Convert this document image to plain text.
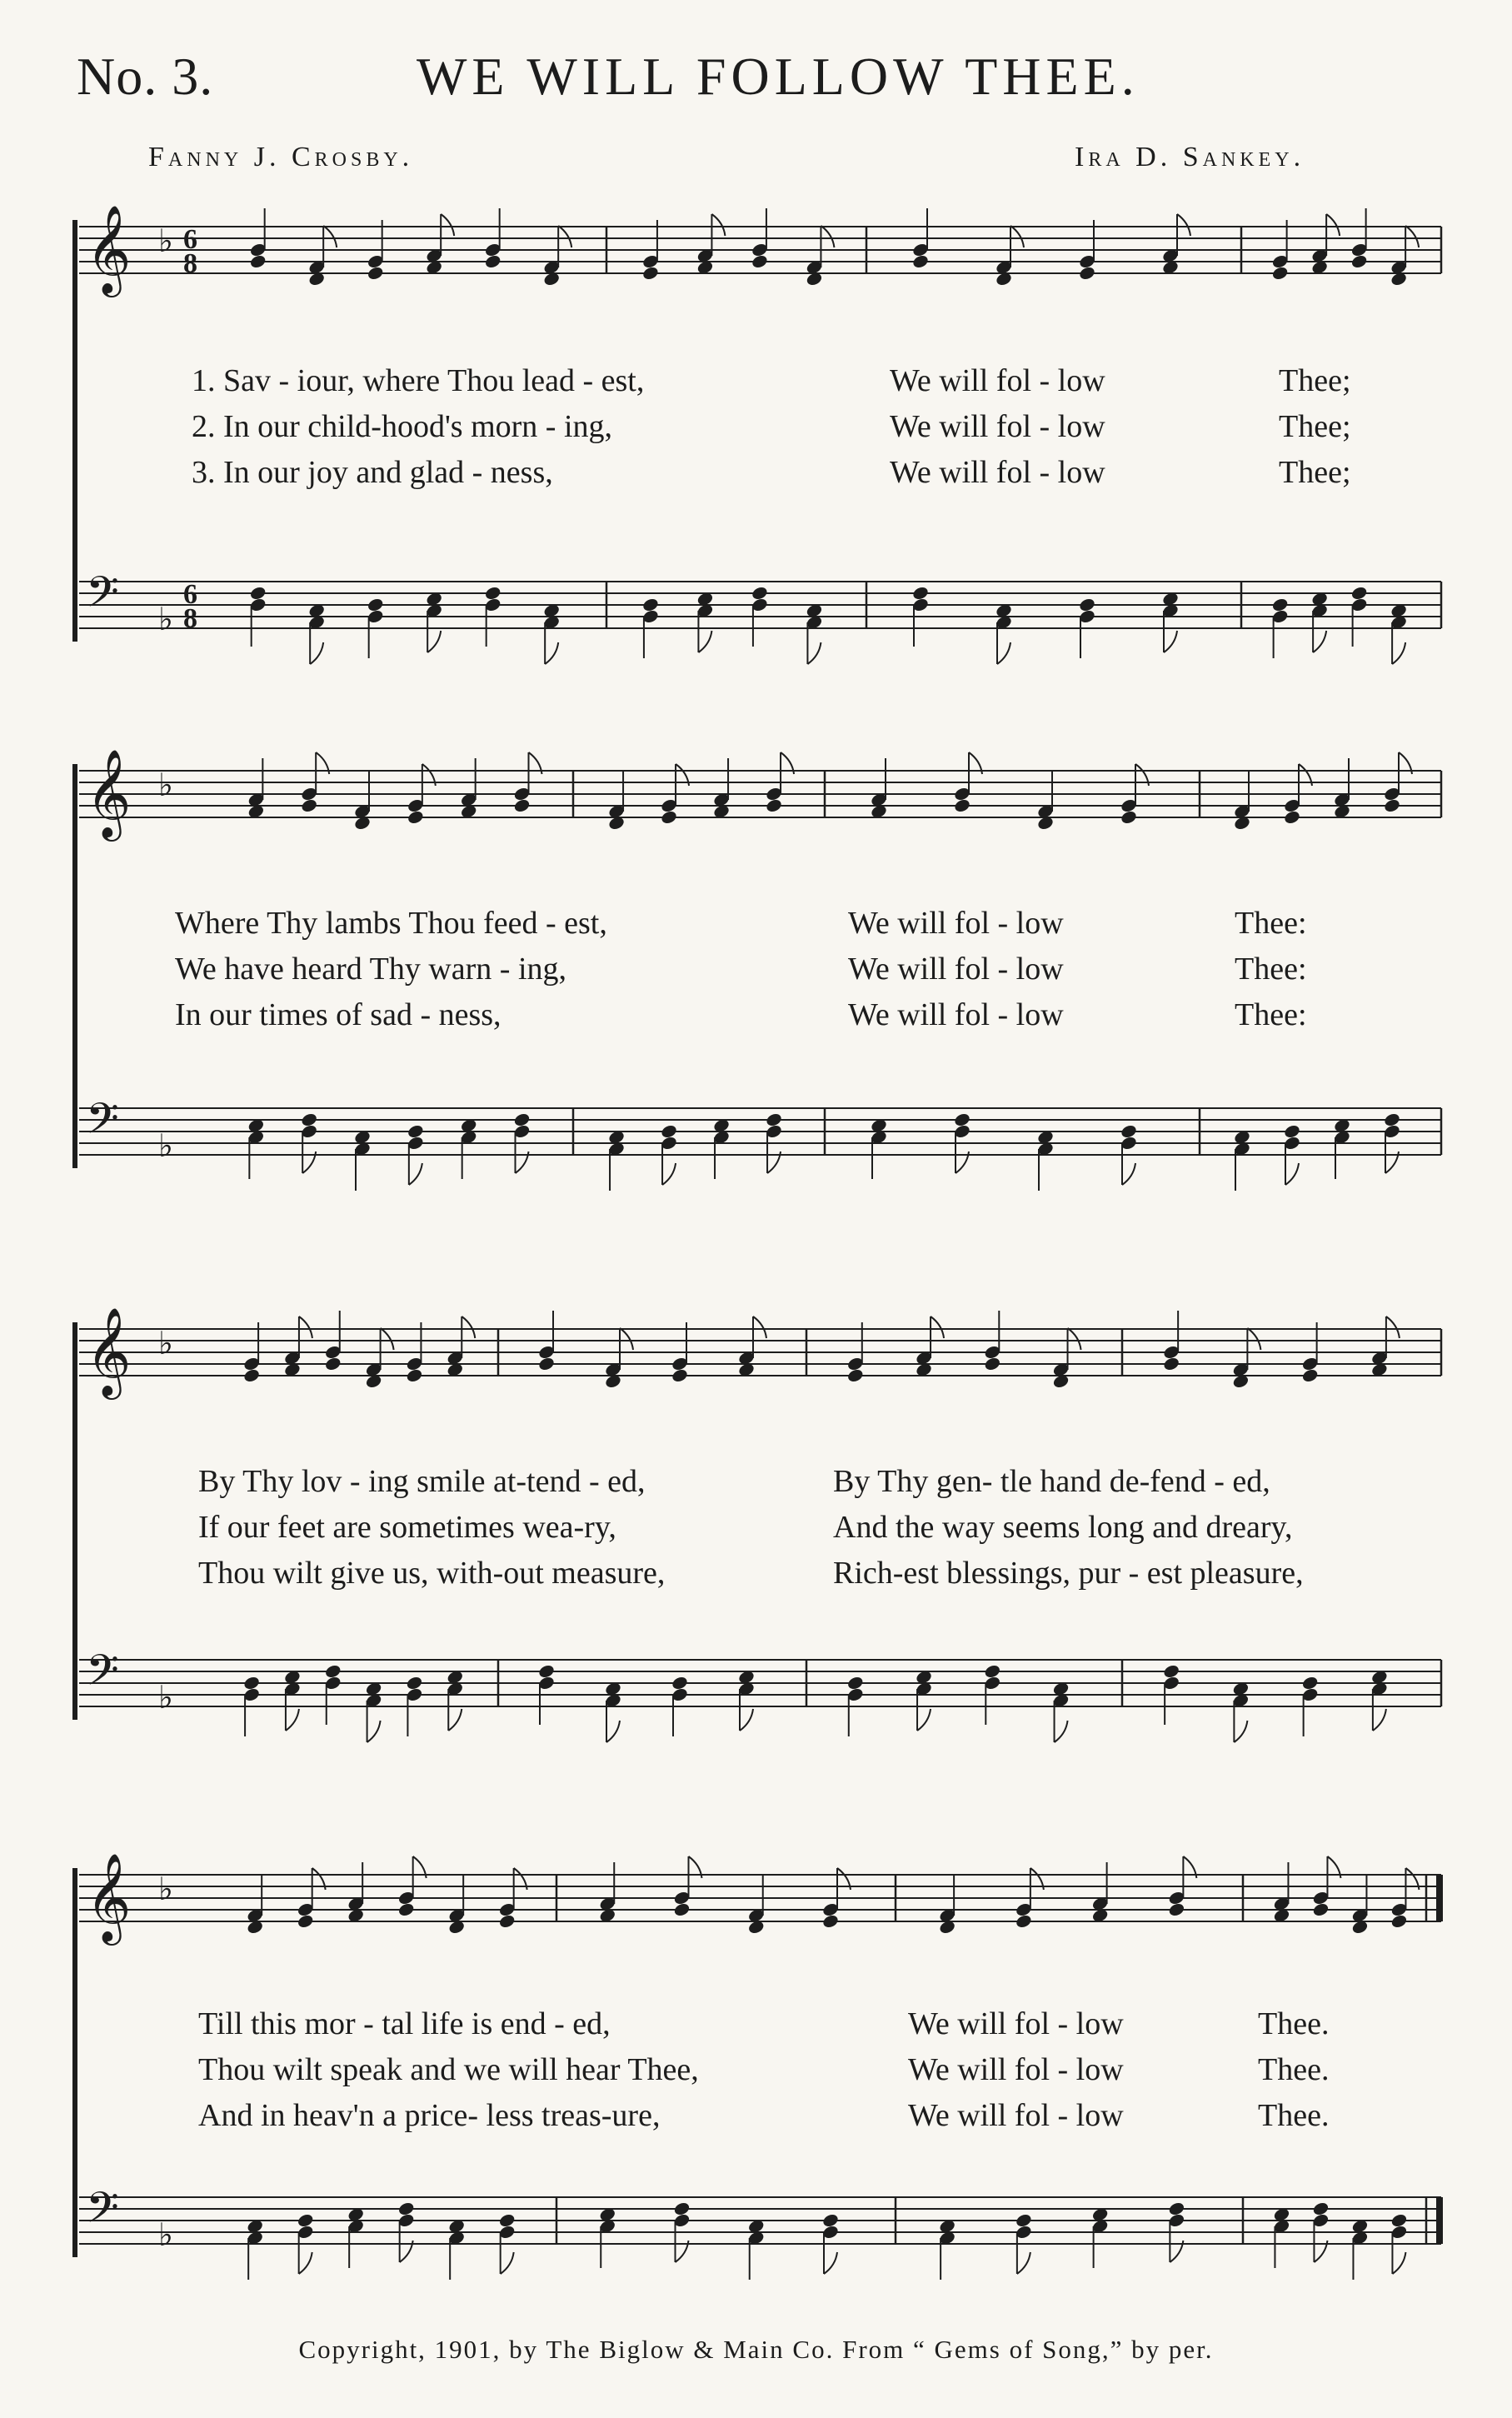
No. 3.	WE WILL FOLLOW THEE.
Fanny J. Crosby.	Ira D. Sankey.
𝄞 ♭ 6
8
𝄢 ♭
6
8
𝄞 ♭
𝄢 ♭
𝄞 ♭
𝄢 ♭
𝄞 ♭
𝄢 ♭
1. Sav - iour, where Thou lead - est,	We will fol - low	Thee;
2. In our child-hood's morn - ing,	We will fol - low	Thee;
3. In our joy and glad - ness,	We will fol - low	Thee;
Where Thy lambs Thou feed - est,	We will fol - low	Thee:
We have heard Thy warn - ing,	We will fol - low	Thee:
In our times of sad - ness,	We will fol - low	Thee:
By Thy lov - ing smile at-tend - ed,	By Thy gen- tle hand de-fend - ed,
If our feet are sometimes wea-ry,	And the way seems long and dreary,
Thou wilt give us, with-out measure,	Rich-est blessings, pur - est pleasure,
Till this mor - tal life is end - ed,	We will fol - low	Thee.
Thou wilt speak and we will hear Thee,	We will fol - low	Thee.
And in heav'n a price- less treas-ure,	We will fol - low	Thee.
Copyright, 1901, by The Biglow & Main Co. From “ Gems of Song,” by per.
